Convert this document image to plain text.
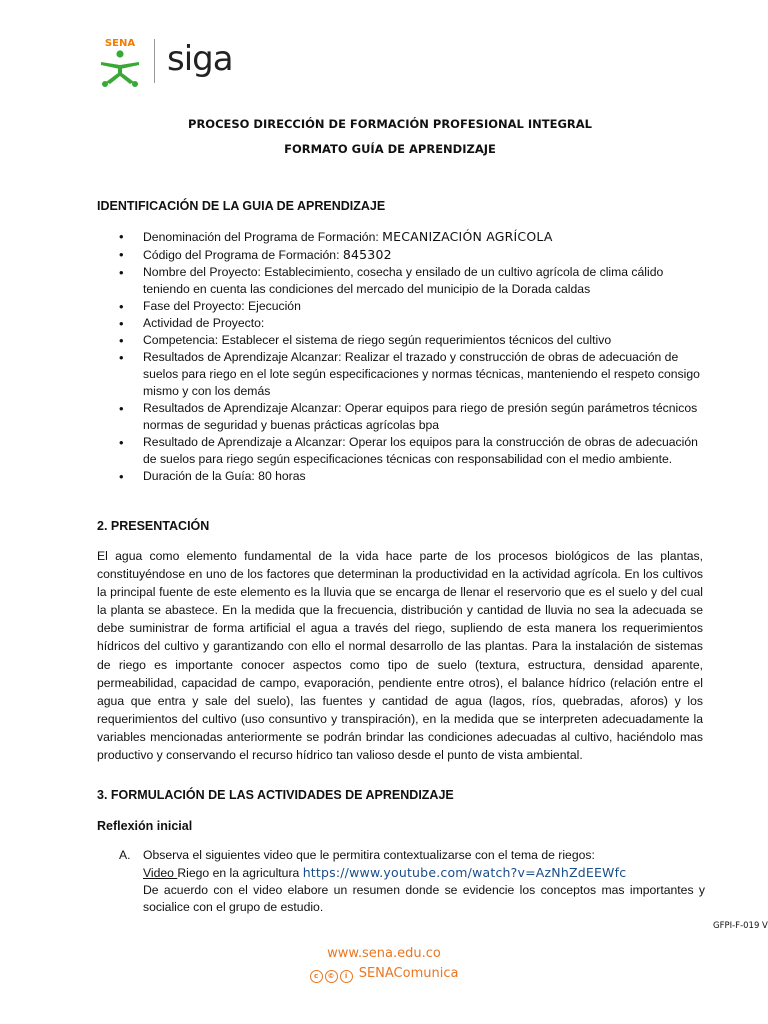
SENA siga
PROCESO DIRECCIÓN DE FORMACIÓN PROFESIONAL INTEGRAL
FORMATO GUÍA DE APRENDIZAJE
IDENTIFICACIÓN DE LA GUIA DE APRENDIZAJE
• Denominación del Programa de Formación: MECANIZACIÓN AGRÍCOLA
• Código del Programa de Formación: 845302
• Nombre del Proyecto: Establecimiento, cosecha y ensilado de un cultivo agrícola de clima cálido teniendo en cuenta las condiciones del mercado del municipio de la Dorada caldas
• Fase del Proyecto: Ejecución
• Actividad de Proyecto:
• Competencia: Establecer el sistema de riego según requerimientos técnicos del cultivo
• Resultados de Aprendizaje Alcanzar: Realizar el trazado y construcción de obras de adecuación de suelos para riego en el lote según especificaciones y normas técnicas, manteniendo el respeto consigo mismo y con los demás
• Resultados de Aprendizaje Alcanzar: Operar equipos para riego de presión según parámetros técnicos normas de seguridad y buenas prácticas agrícolas bpa
• Resultado de Aprendizaje a Alcanzar: Operar los equipos para la construcción de obras de adecuación de suelos para riego según especificaciones técnicas con responsabilidad con el medio ambiente.
• Duración de la Guía: 80 horas
2. PRESENTACIÓN

El agua como elemento fundamental de la vida hace parte de los procesos biológicos de las plantas, constituyéndose en uno de los factores que determinan la productividad en la actividad agrícola. En los cultivos la principal fuente de este elemento es la lluvia que se encarga de llenar el reservorio que es el suelo y del cual la planta se abastece. En la medida que la frecuencia, distribución y cantidad de lluvia no sea la adecuada se debe suministrar de forma artificial el agua a través del riego, supliendo de esta manera los requerimientos hídricos del cultivo y garantizando con ello el normal desarrollo de las plantas. Para la instalación de sistemas de riego es importante conocer aspectos como tipo de suelo (textura, estructura, densidad aparente, permeabilidad, capacidad de campo, evaporación, pendiente entre otros), el balance hídrico (relación entre el agua que entra y sale del suelo), las fuentes y cantidad de agua (lagos, ríos, quebradas, aforos) y los requerimientos del cultivo (uso consuntivo y transpiración), en la medida que se interpreten adecuadamente la variables mencionadas anteriormente se podrán brindar las condiciones adecuadas al cultivo, haciéndolo mas productivo y conservando el recurso hídrico tan valioso desde el punto de vista ambiental.

3. FORMULACIÓN DE LAS ACTIVIDADES DE APRENDIZAJE
Reflexión inicial
A. Observa el siguientes video que le permitira contextualizarse con el tema de riegos:
Video Riego en la agricultura https://www.youtube.com/watch?v=AzNhZdEEWfc
De acuerdo con el video elabore un resumen donde se evidencie los conceptos mas importantes y socialice con el grupo de estudio.
GFPI-F-019 V
www.sena.edu.co
c © i SENAComunica
